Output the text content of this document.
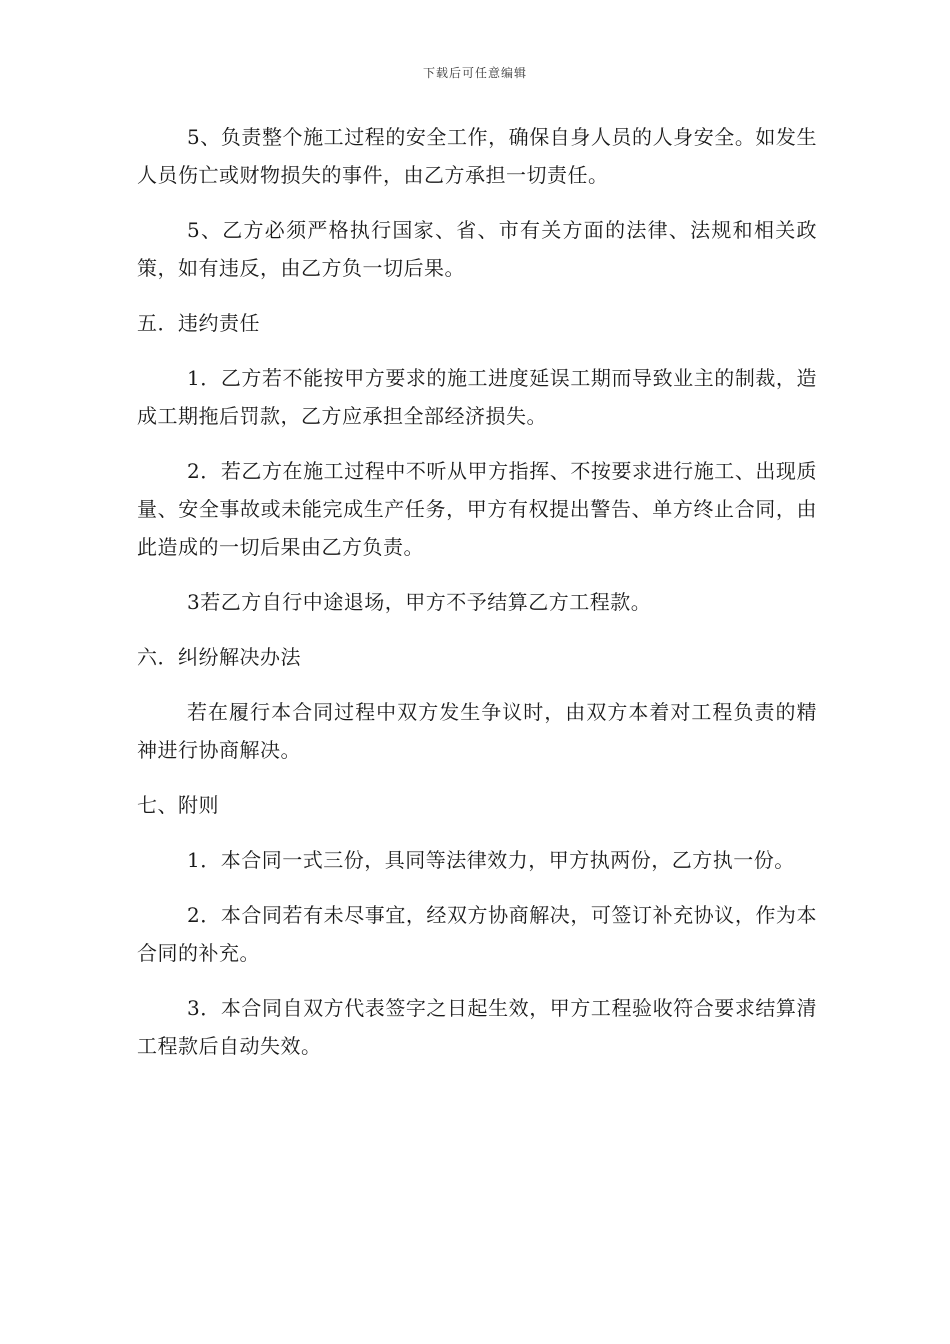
下载后可任意编辑

5、负责整个施工过程的安全工作，确保自身人员的人身安全。如发生人员伤亡或财物损失的事件，由乙方承担一切责任。

5、乙方必须严格执行国家、省、市有关方面的法律、法规和相关政策，如有违反，由乙方负一切后果。

五．违约责任

1．乙方若不能按甲方要求的施工进度延误工期而导致业主的制裁，造成工期拖后罚款，乙方应承担全部经济损失。

2．若乙方在施工过程中不听从甲方指挥、不按要求进行施工、出现质量、安全事故或未能完成生产任务，甲方有权提出警告、单方终止合同，由此造成的一切后果由乙方负责。

3若乙方自行中途退场，甲方不予结算乙方工程款。

六．纠纷解决办法

若在履行本合同过程中双方发生争议时，由双方本着对工程负责的精神进行协商解决。

七、附则

1．本合同一式三份，具同等法律效力，甲方执两份，乙方执一份。

2．本合同若有未尽事宜，经双方协商解决，可签订补充协议，作为本合同的补充。

3．本合同自双方代表签字之日起生效，甲方工程验收符合要求结算清工程款后自动失效。
